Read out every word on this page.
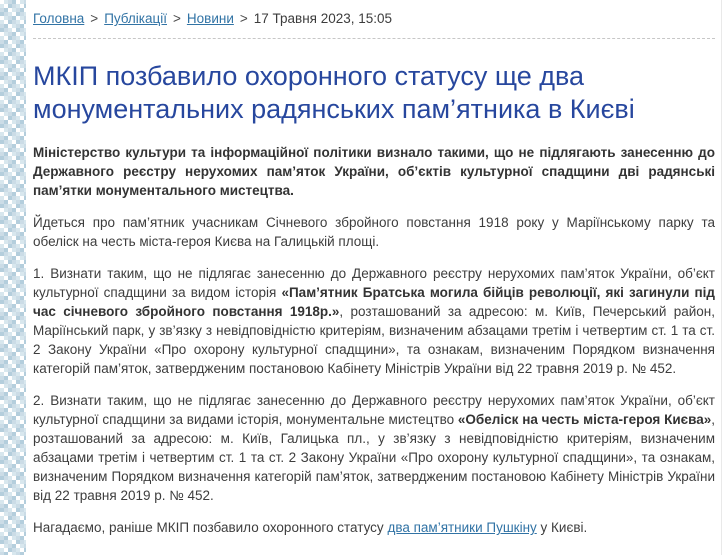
Головна > Публікації > Новини > 17 Травня 2023, 15:05
МКІП позбавило охоронного статусу ще два монументальних радянських пам’ятника в Києві
Міністерство культури та інформаційної політики визнало такими, що не підлягають занесенню до Державного реєстру нерухомих пам’яток України, об’єктів культурної спадщини дві радянські пам’ятки монументального мистецтва.

Йдеться про пам’ятник учасникам Січневого збройного повстання 1918 року у Маріїнському парку та обеліск на честь міста-героя Києва на Галицькій площі.

1. Визнати таким, що не підлягає занесенню до Державного реєстру нерухомих пам’яток України, об’єкт культурної спадщини за видом історія «Пам’ятник Братська могила бійців революції, які загинули під час січневого збройного повстання 1918р.», розташований за адресою: м. Київ, Печерський район, Маріїнський парк, у зв’язку з невідповідністю критеріям, визначеним абзацами третім і четвертим ст. 1 та ст. 2 Закону України «Про охорону культурної спадщини», та ознакам, визначеним Порядком визначення категорій пам’яток, затвердженим постановою Кабінету Міністрів України від 22 травня 2019 р. № 452.

2. Визнати таким, що не підлягає занесенню до Державного реєстру нерухомих пам’яток України, об’єкт культурної спадщини за видами історія, монументальне мистецтво «Обеліск на честь міста-героя Києва», розташований за адресою: м. Київ, Галицька пл., у зв’язку з невідповідністю критеріям, визначеним абзацами третім і четвертим ст. 1 та ст. 2 Закону України «Про охорону культурної спадщини», та ознакам, визначеним Порядком визначення категорій пам’яток, затвердженим постановою Кабінету Міністрів України від 22 травня 2019 р. № 452.

Нагадаємо, раніше МКІП позбавило охоронного статусу два пам’ятники Пушкіну у Києві.
